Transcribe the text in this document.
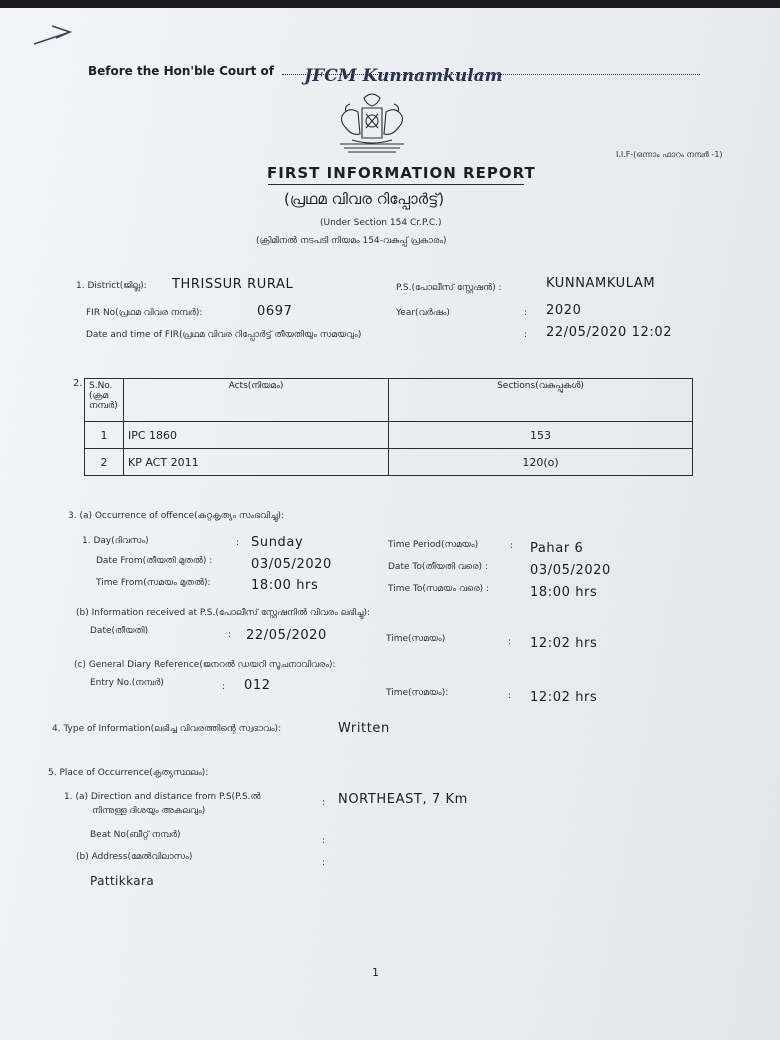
Before the Hon'ble Court of JFCM Kunnamkulam
I.I.F-(ഒന്നാം ഫാറം നമ്പർ -1)
FIRST INFORMATION REPORT
(പ്രഥമ വിവര റിപ്പോർട്ട്)
(Under Section 154 Cr.P.C.)
(ക്രിമിനൽ നടപടി നിയമം 154-വകുപ്പ് പ്രകാരം)
1. District(ജില്ല): THRISSUR RURAL	P.S.(പോലീസ് സ്റ്റേഷൻ) :	KUNNAMKULAM
FIR No(പ്രഥമ വിവര നമ്പർ):	0697	Year(വർഷം)	: 2020
Date and time of FIR(പ്രഥമ വിവര റിപ്പോർട്ട് തീയതിയും സമയവും)	: 22/05/2020 12:02
2. S.No. (ക്രമ നമ്പർ)	Acts(നിയമം)	Sections(വകുപ്പുകൾ)
1	IPC 1860	153
2	KP ACT 2011	120(o)
3. (a) Occurrence of offence(കുറ്റകൃത്യം സംഭവിച്ചു):
1. Day(ദിവസം)	: Sunday	Time Period(സമയം)	: Pahar 6
Date From(തീയതി മുതൽ) :	03/05/2020	Date To(തീയതി വരെ) :	03/05/2020
Time From(സമയം മുതൽ):	18:00 hrs	Time To(സമയം വരെ) :	18:00 hrs
(b) Information received at P.S.(പോലീസ് സ്റ്റേഷനിൽ വിവരം ലഭിച്ചു):
Date(തീയതി)	: 22/05/2020	Time(സമയം)	: 12:02 hrs
(c) General Diary Reference(ജനറൽ ഡയറി സൂചനാവിവരം):
Entry No.(നമ്പർ)	: 012	Time(സമയം):	: 12:02 hrs
4. Type of Information(ലഭിച്ച വിവരത്തിന്റെ സ്വഭാവം):	Written
5. Place of Occurrence(കൃത്യസ്ഥലം):
1. (a) Direction and distance from P.S(P.S.ൽ
നിന്നുള്ള ദിശയും അകലവും)
: NORTHEAST, 7 Km
Beat No(ബീറ്റ് നമ്പർ)
:
(b) Address(മേൽവിലാസം)
:
Pattikkara
1
